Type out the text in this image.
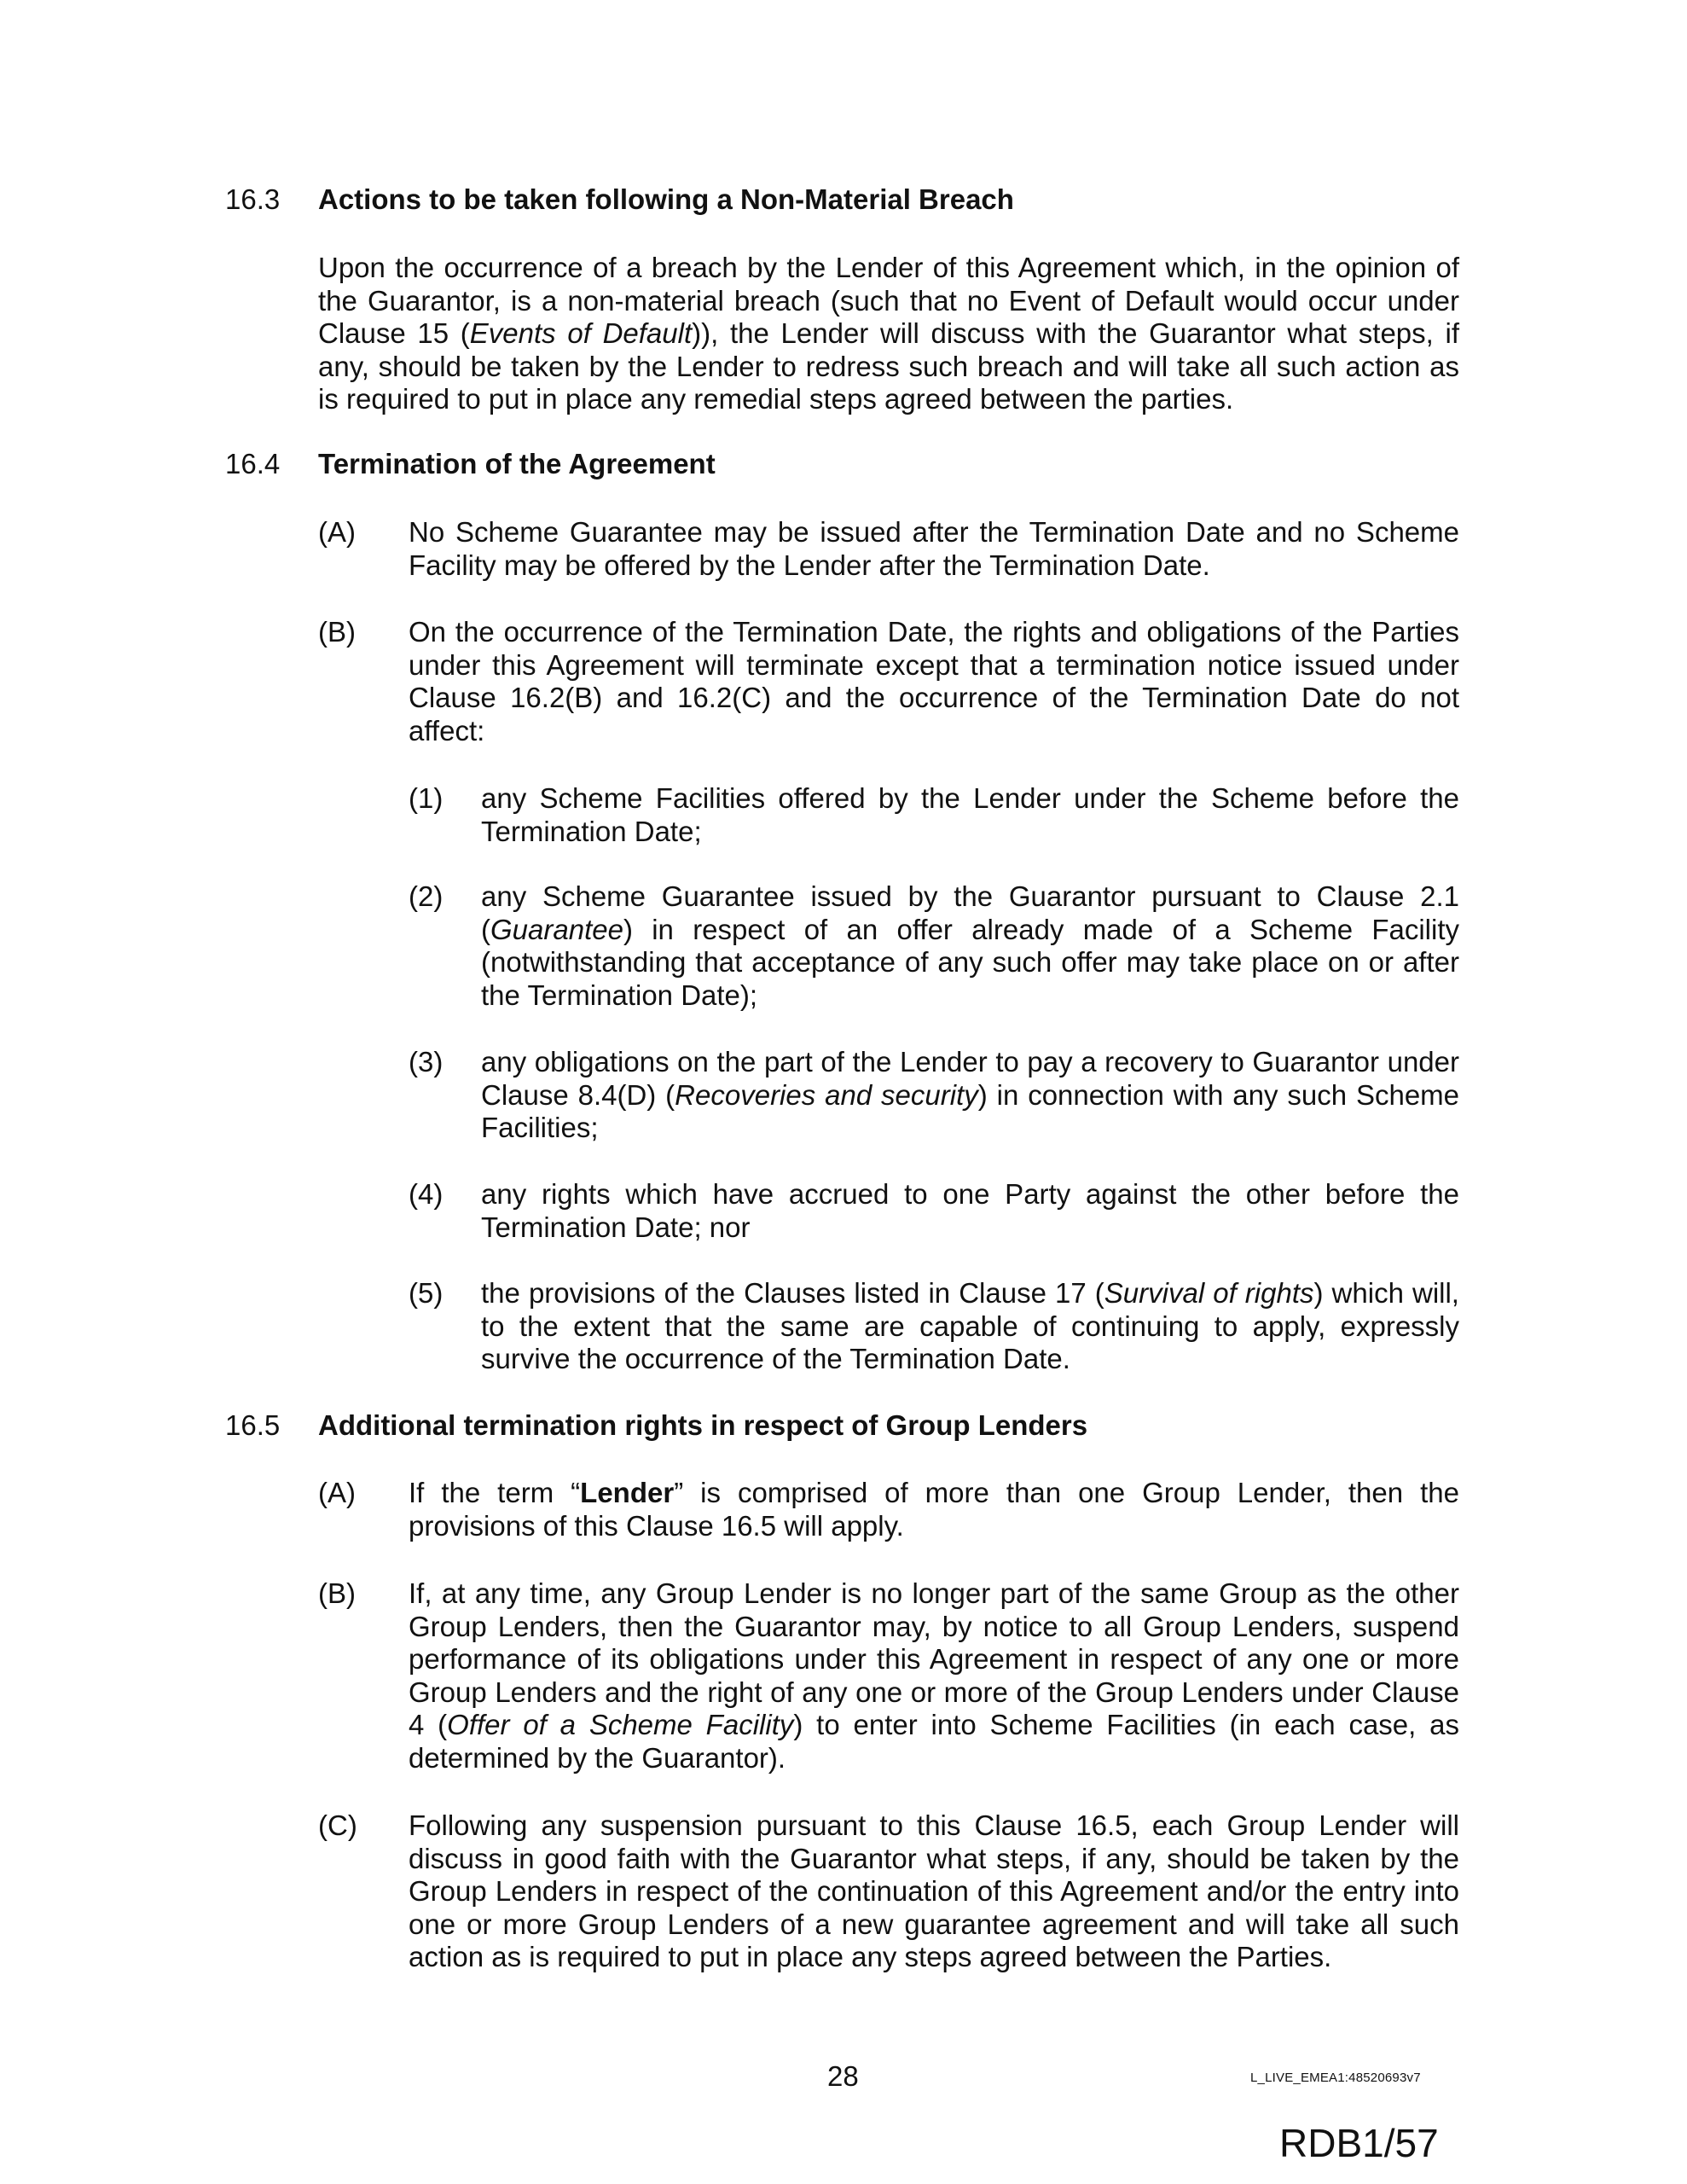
16.3 Actions to be taken following a Non-Material Breach
Upon the occurrence of a breach by the Lender of this Agreement which, in the opinion of the Guarantor, is a non-material breach (such that no Event of Default would occur under Clause 15 (Events of Default)), the Lender will discuss with the Guarantor what steps, if any, should be taken by the Lender to redress such breach and will take all such action as is required to put in place any remedial steps agreed between the parties.
16.4 Termination of the Agreement
(A) No Scheme Guarantee may be issued after the Termination Date and no Scheme Facility may be offered by the Lender after the Termination Date.
(B) On the occurrence of the Termination Date, the rights and obligations of the Parties under this Agreement will terminate except that a termination notice issued under Clause 16.2(B) and 16.2(C) and the occurrence of the Termination Date do not affect:
(1) any Scheme Facilities offered by the Lender under the Scheme before the Termination Date;
(2) any Scheme Guarantee issued by the Guarantor pursuant to Clause 2.1 (Guarantee) in respect of an offer already made of a Scheme Facility (notwithstanding that acceptance of any such offer may take place on or after the Termination Date);
(3) any obligations on the part of the Lender to pay a recovery to Guarantor under Clause 8.4(D) (Recoveries and security) in connection with any such Scheme Facilities;
(4) any rights which have accrued to one Party against the other before the Termination Date; nor
(5) the provisions of the Clauses listed in Clause 17 (Survival of rights) which will, to the extent that the same are capable of continuing to apply, expressly survive the occurrence of the Termination Date.
16.5 Additional termination rights in respect of Group Lenders
(A) If the term “Lender” is comprised of more than one Group Lender, then the provisions of this Clause 16.5 will apply.
(B) If, at any time, any Group Lender is no longer part of the same Group as the other Group Lenders, then the Guarantor may, by notice to all Group Lenders, suspend performance of its obligations under this Agreement in respect of any one or more Group Lenders and the right of any one or more of the Group Lenders under Clause 4 (Offer of a Scheme Facility) to enter into Scheme Facilities (in each case, as determined by the Guarantor).
(C) Following any suspension pursuant to this Clause 16.5, each Group Lender will discuss in good faith with the Guarantor what steps, if any, should be taken by the Group Lenders in respect of the continuation of this Agreement and/or the entry into one or more Group Lenders of a new guarantee agreement and will take all such action as is required to put in place any steps agreed between the Parties.
28	L_LIVE_EMEA1:48520693v7
RDB1/57
